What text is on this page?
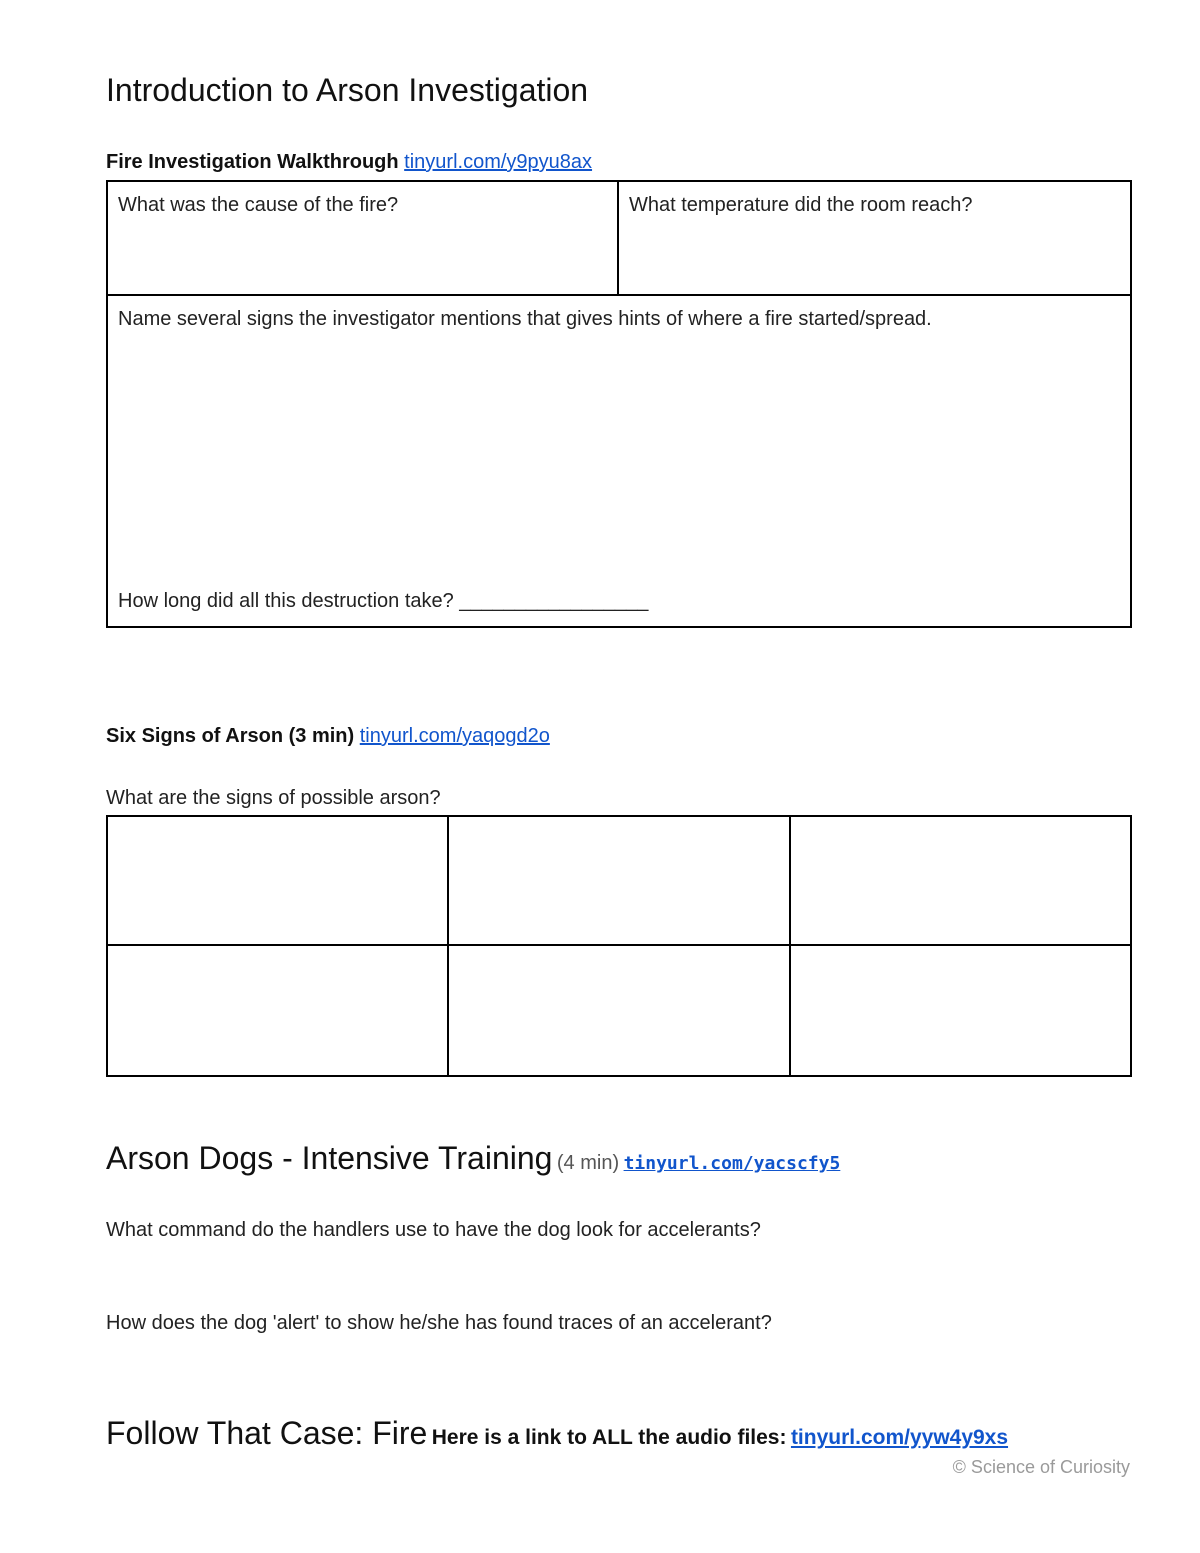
Introduction to Arson Investigation
Fire Investigation Walkthrough tinyurl.com/y9pyu8ax
What was the cause of the fire?	What temperature did the room reach?
Name several signs the investigator mentions that gives hints of where a fire started/spread.
How long did all this destruction take? _________________
Six Signs of Arson (3 min) tinyurl.com/yaqogd2o
What are the signs of possible arson?
Arson Dogs - Intensive Training (4 min) tinyurl.com/yacscfy5
What command do the handlers use to have the dog look for accelerants?
How does the dog 'alert' to show he/she has found traces of an accelerant?
Follow That Case: Fire Here is a link to ALL the audio files: tinyurl.com/yyw4y9xs
© Science of Curiosity
